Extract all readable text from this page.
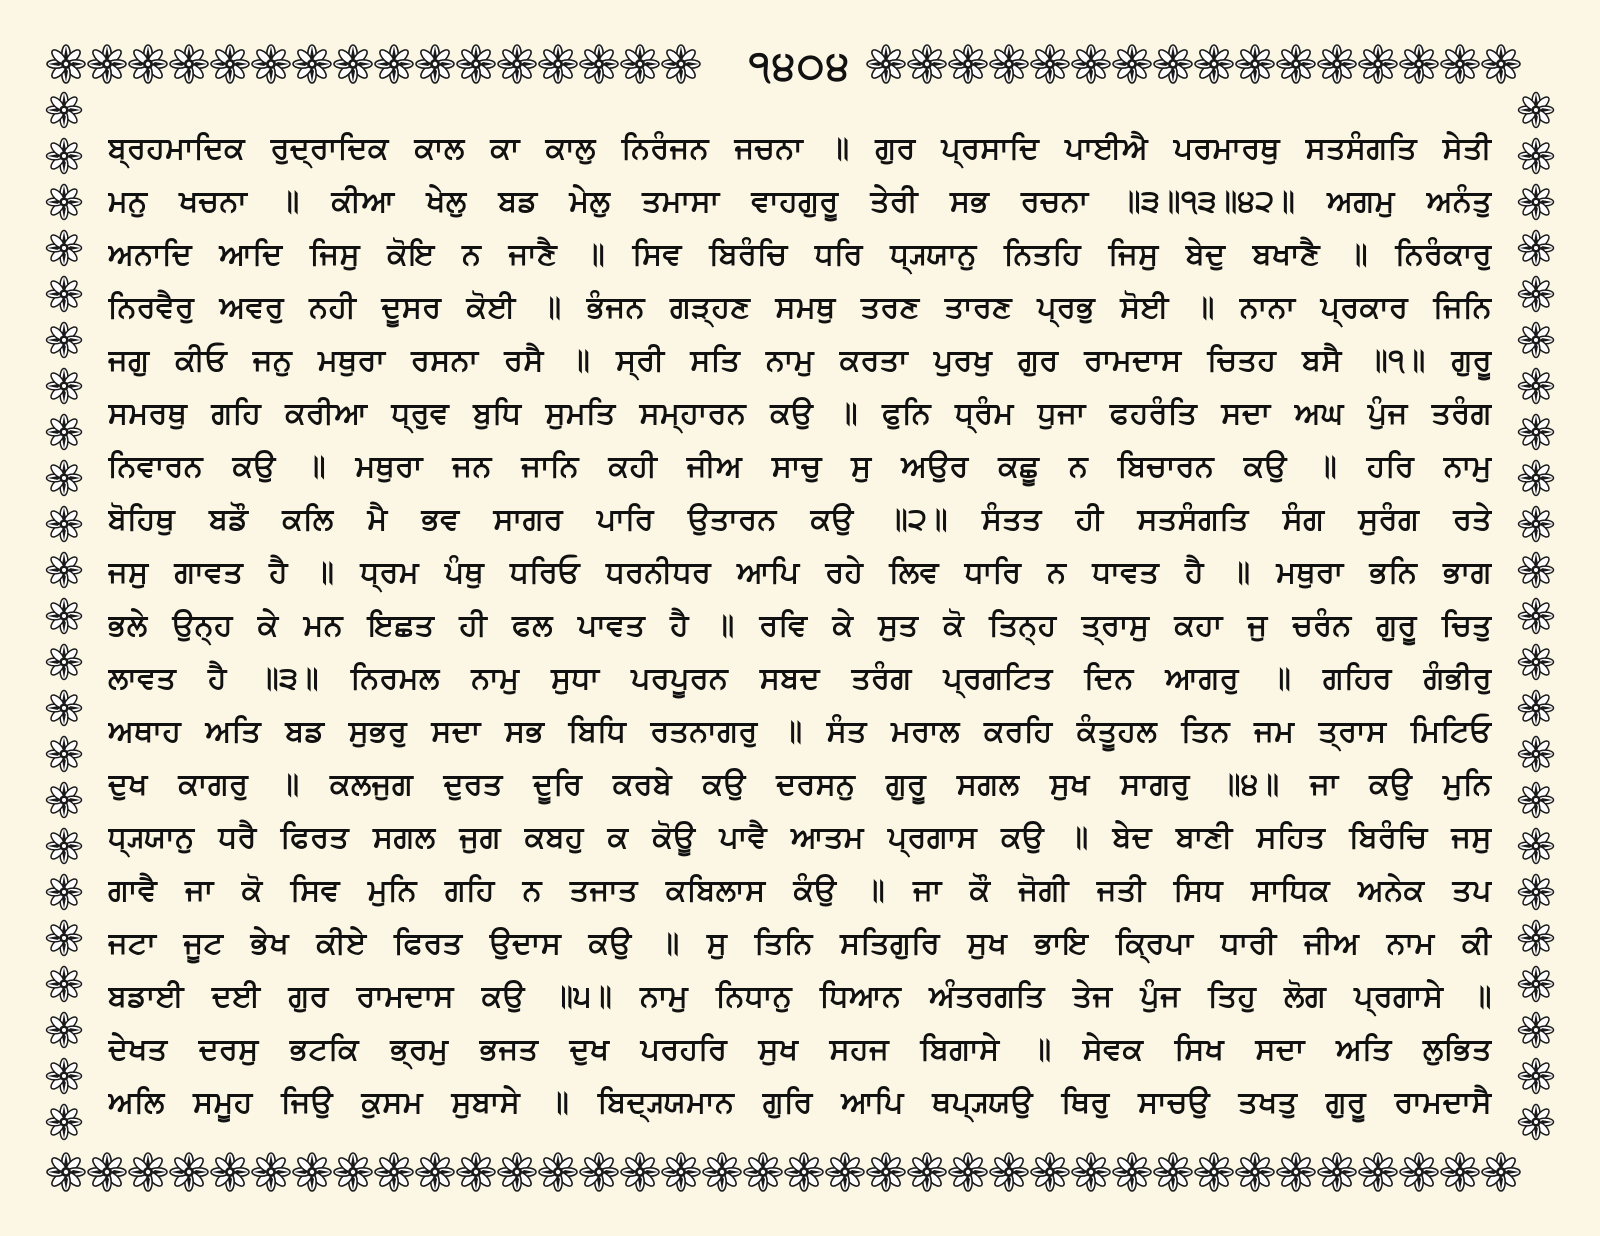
੧੪੦੪
ਬ੍ਰਹਮਾਦਿਕ ਰੁਦ੍ਰਾਦਿਕ ਕਾਲ ਕਾ ਕਾਲੁ ਨਿਰੰਜਨ ਜਚਨਾ ॥ ਗੁਰ ਪ੍ਰਸਾਦਿ ਪਾਈਐ ਪਰਮਾਰਥੁ ਸਤਸੰਗਤਿ ਸੇਤੀ
ਮਨੁ ਖਚਨਾ ॥ ਕੀਆ ਖੇਲੁ ਬਡ ਮੇਲੁ ਤਮਾਸਾ ਵਾਹਗੁਰੂ ਤੇਰੀ ਸਭ ਰਚਨਾ ॥੩॥੧੩॥੪੨॥ ਅਗਮੁ ਅਨੰਤੁ
ਅਨਾਦਿ ਆਦਿ ਜਿਸੁ ਕੋਇ ਨ ਜਾਣੈ ॥ ਸਿਵ ਬਿਰੰਚਿ ਧਰਿ ਧ੍ਯ੍ਯਾਨੁ ਨਿਤਹਿ ਜਿਸੁ ਬੇਦੁ ਬਖਾਣੈ ॥ ਨਿਰੰਕਾਰੁ
ਨਿਰਵੈਰੁ ਅਵਰੁ ਨਹੀ ਦੂਸਰ ਕੋਈ ॥ ਭੰਜਨ ਗੜ੍ਹਣ ਸਮਥੁ ਤਰਣ ਤਾਰਣ ਪ੍ਰਭੁ ਸੋਈ ॥ ਨਾਨਾ ਪ੍ਰਕਾਰ ਜਿਨਿ
ਜਗੁ ਕੀਓ ਜਨੁ ਮਥੁਰਾ ਰਸਨਾ ਰਸੈ ॥ ਸ੍ਰੀ ਸਤਿ ਨਾਮੁ ਕਰਤਾ ਪੁਰਖੁ ਗੁਰ ਰਾਮਦਾਸ ਚਿਤਹ ਬਸੈ ॥੧॥ ਗੁਰੂ
ਸਮਰਥੁ ਗਹਿ ਕਰੀਆ ਧ੍ਰੁਵ ਬੁਧਿ ਸੁਮਤਿ ਸਮ੍ਹਾਰਨ ਕਉ ॥ ਫੁਨਿ ਧ੍ਰੰਮ ਧੁਜਾ ਫਹਰੰਤਿ ਸਦਾ ਅਘ ਪੁੰਜ ਤਰੰਗ
ਨਿਵਾਰਨ ਕਉ ॥ ਮਥੁਰਾ ਜਨ ਜਾਨਿ ਕਹੀ ਜੀਅ ਸਾਚੁ ਸੁ ਅਉਰ ਕਛੂ ਨ ਬਿਚਾਰਨ ਕਉ ॥ ਹਰਿ ਨਾਮੁ
ਬੋਹਿਥੁ ਬਡੌ ਕਲਿ ਮੈ ਭਵ ਸਾਗਰ ਪਾਰਿ ਉਤਾਰਨ ਕਉ ॥੨॥ ਸੰਤਤ ਹੀ ਸਤਸੰਗਤਿ ਸੰਗ ਸੁਰੰਗ ਰਤੇ
ਜਸੁ ਗਾਵਤ ਹੈ ॥ ਧ੍ਰਮ ਪੰਥੁ ਧਰਿਓ ਧਰਨੀਧਰ ਆਪਿ ਰਹੇ ਲਿਵ ਧਾਰਿ ਨ ਧਾਵਤ ਹੈ ॥ ਮਥੁਰਾ ਭਨਿ ਭਾਗ
ਭਲੇ ਉਨ੍ਹ ਕੇ ਮਨ ਇਛਤ ਹੀ ਫਲ ਪਾਵਤ ਹੈ ॥ ਰਵਿ ਕੇ ਸੁਤ ਕੋ ਤਿਨ੍ਹ ਤ੍ਰਾਸੁ ਕਹਾ ਜੁ ਚਰੰਨ ਗੁਰੂ ਚਿਤੁ
ਲਾਵਤ ਹੈ ॥੩॥ ਨਿਰਮਲ ਨਾਮੁ ਸੁਧਾ ਪਰਪੂਰਨ ਸਬਦ ਤਰੰਗ ਪ੍ਰਗਟਿਤ ਦਿਨ ਆਗਰੁ ॥ ਗਹਿਰ ਗੰਭੀਰੁ
ਅਥਾਹ ਅਤਿ ਬਡ ਸੁਭਰੁ ਸਦਾ ਸਭ ਬਿਧਿ ਰਤਨਾਗਰੁ ॥ ਸੰਤ ਮਰਾਲ ਕਰਹਿ ਕੰਤੂਹਲ ਤਿਨ ਜਮ ਤ੍ਰਾਸ ਮਿਟਿਓ
ਦੁਖ ਕਾਗਰੁ ॥ ਕਲਜੁਗ ਦੁਰਤ ਦੂਰਿ ਕਰਬੇ ਕਉ ਦਰਸਨੁ ਗੁਰੂ ਸਗਲ ਸੁਖ ਸਾਗਰੁ ॥੪॥ ਜਾ ਕਉ ਮੁਨਿ
ਧ੍ਯ੍ਯਾਨੁ ਧਰੈ ਫਿਰਤ ਸਗਲ ਜੁਗ ਕਬਹੁ ਕ ਕੋਊ ਪਾਵੈ ਆਤਮ ਪ੍ਰਗਾਸ ਕਉ ॥ ਬੇਦ ਬਾਣੀ ਸਹਿਤ ਬਿਰੰਚਿ ਜਸੁ
ਗਾਵੈ ਜਾ ਕੋ ਸਿਵ ਮੁਨਿ ਗਹਿ ਨ ਤਜਾਤ ਕਬਿਲਾਸ ਕੰਉ ॥ ਜਾ ਕੌ ਜੋਗੀ ਜਤੀ ਸਿਧ ਸਾਧਿਕ ਅਨੇਕ ਤਪ
ਜਟਾ ਜੂਟ ਭੇਖ ਕੀਏ ਫਿਰਤ ਉਦਾਸ ਕਉ ॥ ਸੁ ਤਿਨਿ ਸਤਿਗੁਰਿ ਸੁਖ ਭਾਇ ਕ੍ਰਿਪਾ ਧਾਰੀ ਜੀਅ ਨਾਮ ਕੀ
ਬਡਾਈ ਦਈ ਗੁਰ ਰਾਮਦਾਸ ਕਉ ॥੫॥ ਨਾਮੁ ਨਿਧਾਨੁ ਧਿਆਨ ਅੰਤਰਗਤਿ ਤੇਜ ਪੁੰਜ ਤਿਹੁ ਲੋਗ ਪ੍ਰਗਾਸੇ ॥
ਦੇਖਤ ਦਰਸੁ ਭਟਕਿ ਭ੍ਰਮੁ ਭਜਤ ਦੁਖ ਪਰਹਰਿ ਸੁਖ ਸਹਜ ਬਿਗਾਸੇ ॥ ਸੇਵਕ ਸਿਖ ਸਦਾ ਅਤਿ ਲੁਭਿਤ
ਅਲਿ ਸਮੂਹ ਜਿਉ ਕੁਸਮ ਸੁਬਾਸੇ ॥ ਬਿਦ੍ਯ੍ਯਮਾਨ ਗੁਰਿ ਆਪਿ ਥਪ੍ਯ੍ਯਉ ਥਿਰੁ ਸਾਚਉ ਤਖਤੁ ਗੁਰੂ ਰਾਮਦਾਸੈ
